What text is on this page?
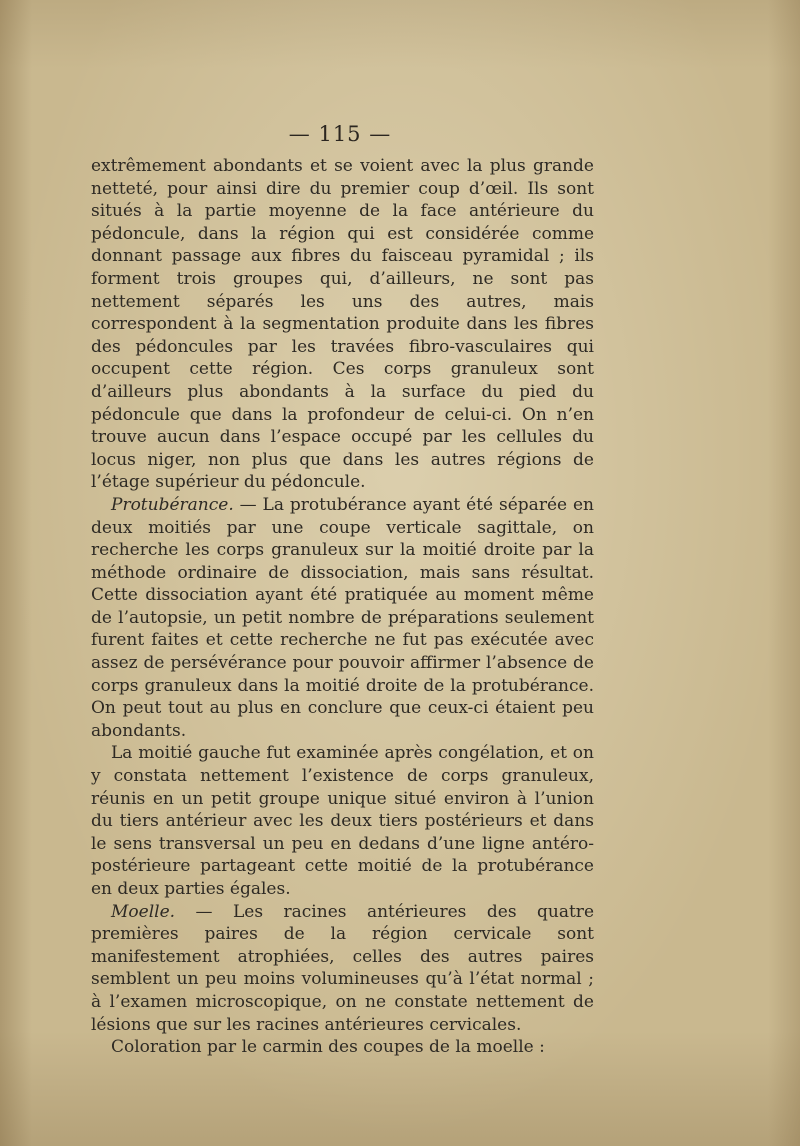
— 115 —

extrêmement abondants et se voient avec la plus grande netteté, pour ainsi dire du premier coup d’œil. Ils sont situés à la partie moyenne de la face antérieure du pédoncule, dans la région qui est considérée comme donnant passage aux fibres du faisceau pyramidal ; ils forment trois groupes qui, d’ailleurs, ne sont pas nettement séparés les uns des autres, mais correspondent à la segmentation produite dans les fibres des pédoncules par les travées fibro-vasculaires qui occupent cette région. Ces corps granuleux sont d’ailleurs plus abondants à la surface du pied du pédoncule que dans la profondeur de celui-ci. On n’en trouve aucun dans l’espace occupé par les cellules du locus niger, non plus que dans les autres régions de l’étage supérieur du pédoncule.

Protubérance. — La protubérance ayant été séparée en deux moitiés par une coupe verticale sagittale, on recherche les corps granuleux sur la moitié droite par la méthode ordinaire de dissociation, mais sans résultat. Cette dissociation ayant été pratiquée au moment même de l’autopsie, un petit nombre de préparations seulement furent faites et cette recherche ne fut pas exécutée avec assez de persévérance pour pouvoir affirmer l’absence de corps granuleux dans la moitié droite de la protubérance. On peut tout au plus en conclure que ceux-ci étaient peu abondants.

La moitié gauche fut examinée après congélation, et on y constata nettement l’existence de corps granuleux, réunis en un petit groupe unique situé environ à l’union du tiers antérieur avec les deux tiers postérieurs et dans le sens transversal un peu en dedans d’une ligne antéro-postérieure partageant cette moitié de la protubérance en deux parties égales.

Moelle. — Les racines antérieures des quatre premières paires de la région cervicale sont manifestement atrophiées, celles des autres paires semblent un peu moins volumineuses qu’à l’état normal ; à l’examen microscopique, on ne constate nettement de lésions que sur les racines antérieures cervicales.

Coloration par le carmin des coupes de la moelle :
